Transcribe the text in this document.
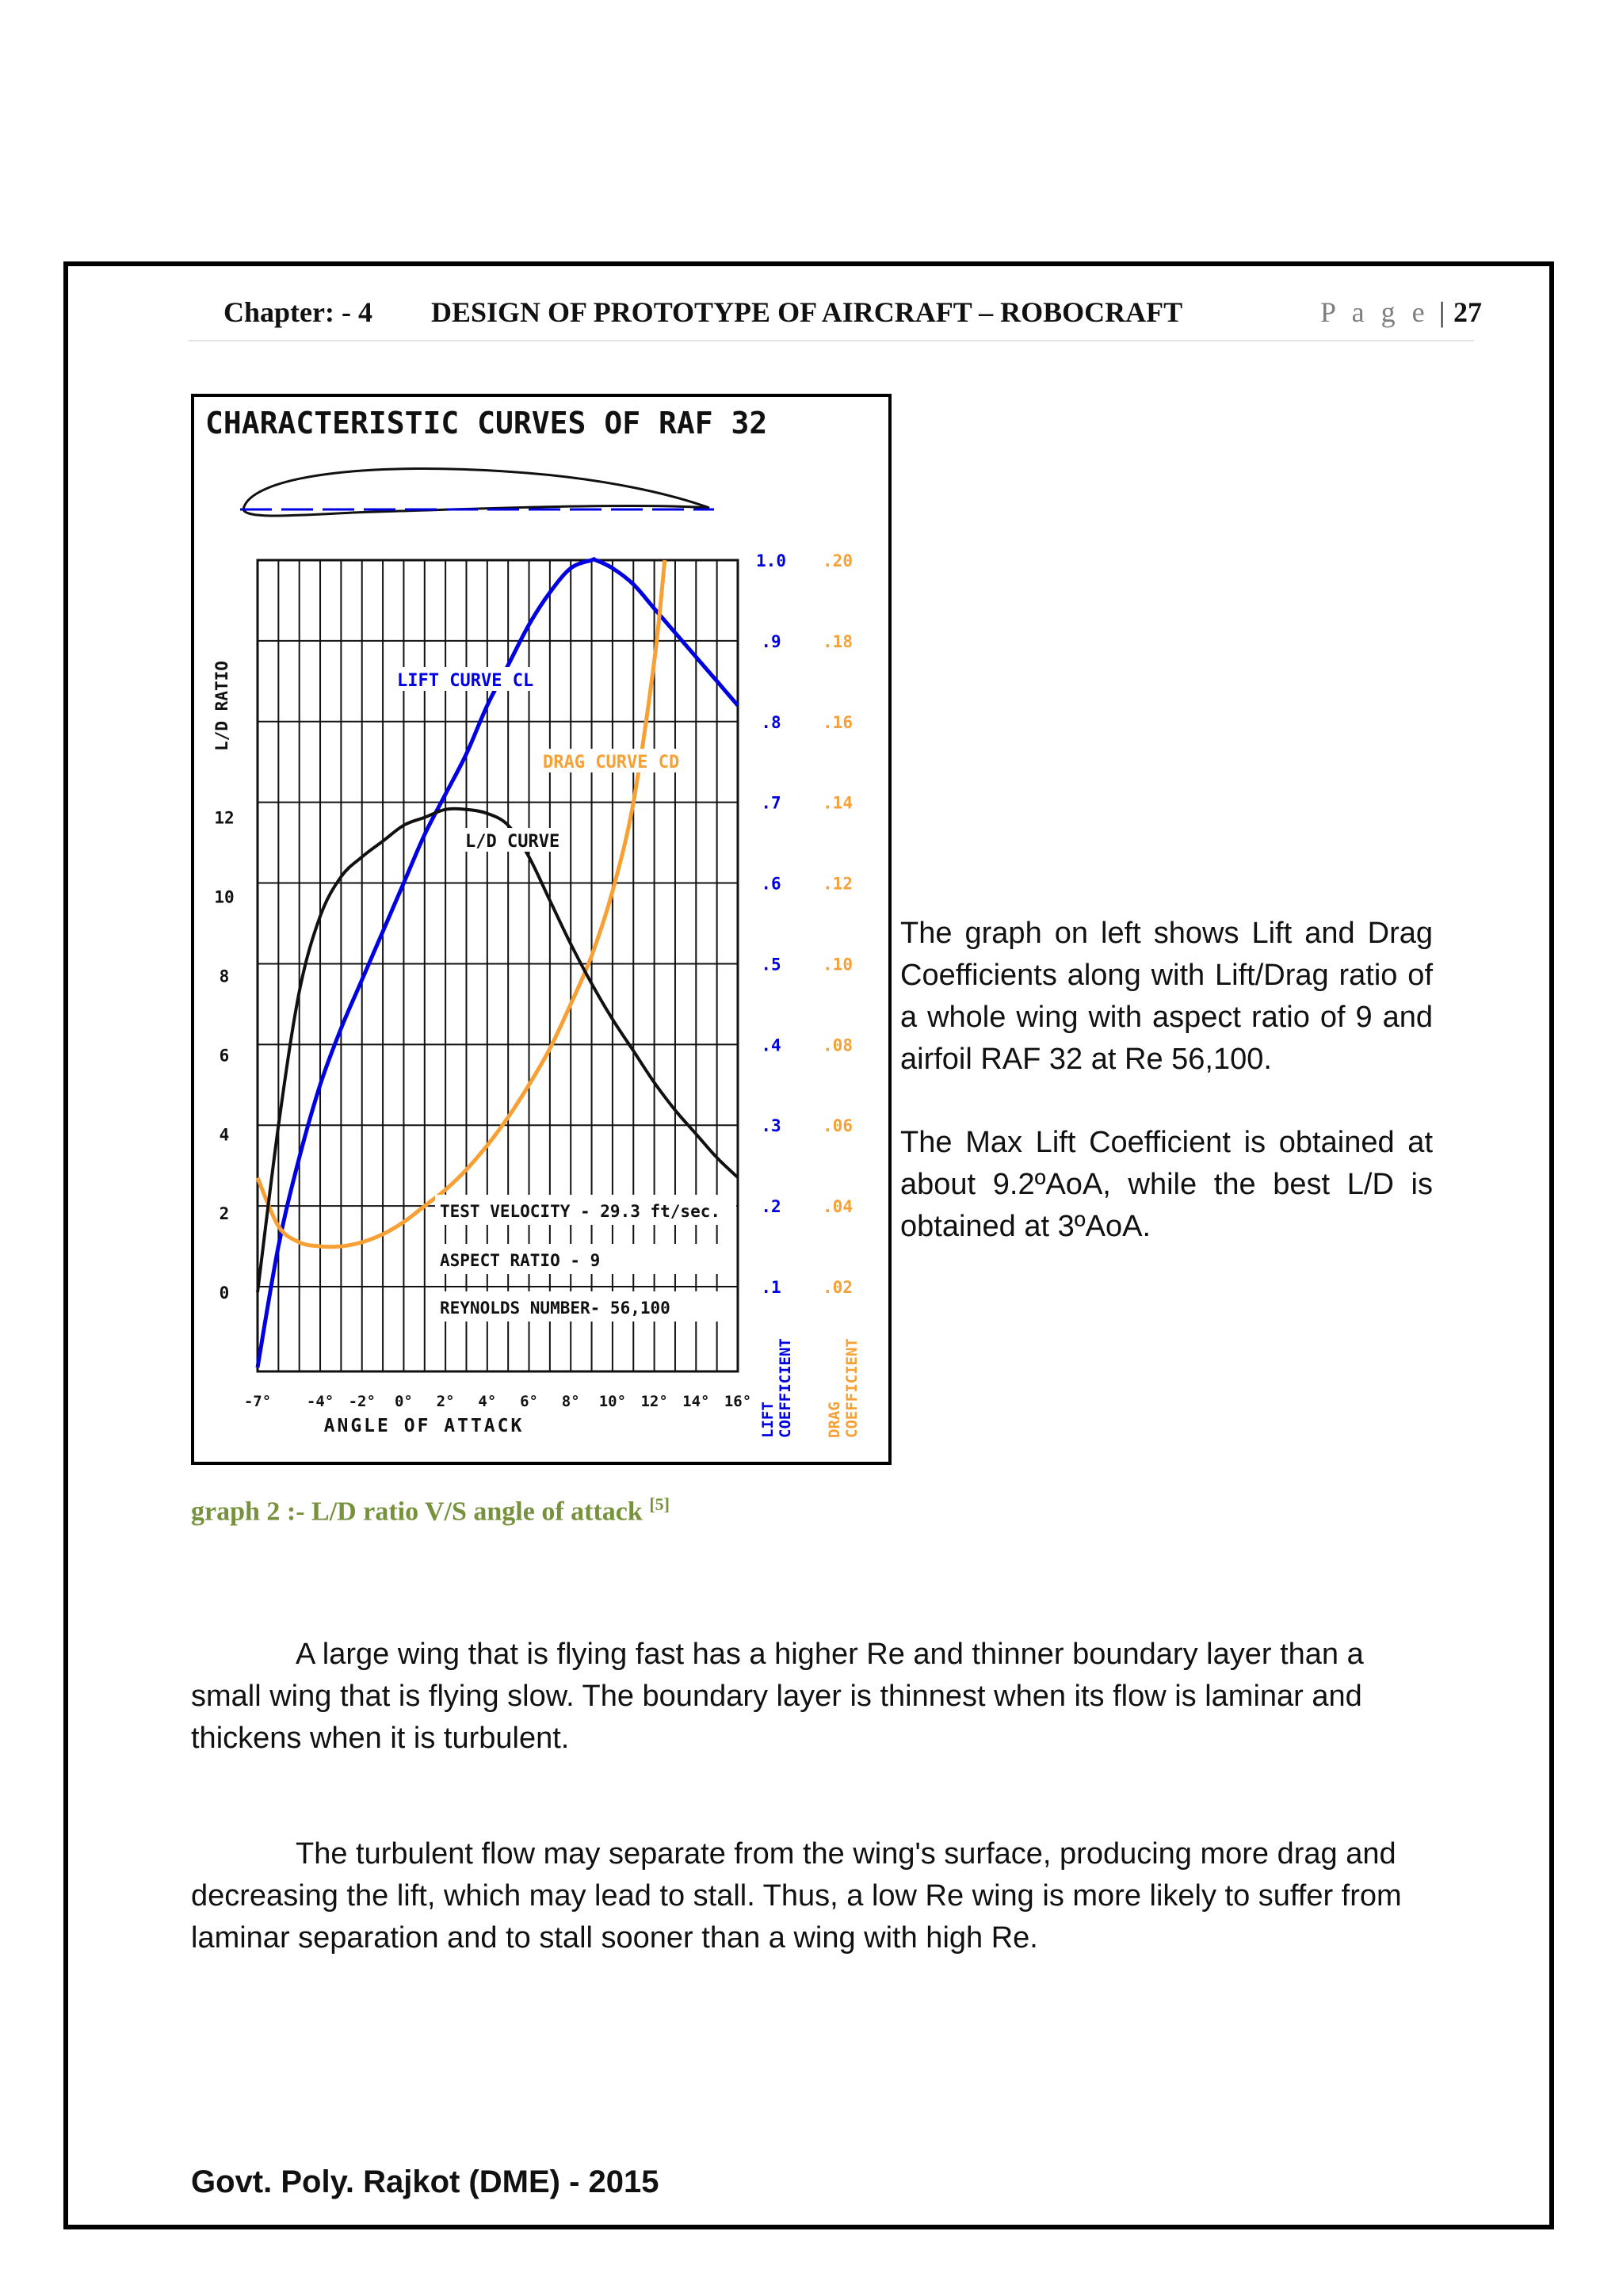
Chapter: - 4 DESIGN OF PROTOTYPE OF AIRCRAFT – ROBOCRAFT	P a g e | 27
CHARACTERISTIC CURVES OF RAF 32
-7° -4° -2° 0° 2° 4° 6° 8° 10° 12° 14° 16°
ANGLE OF ATTACK
0
2
4
6
8
10
12
L/D RATIO
1.0
.9
.8
.7
.6
.5
.4
.3
.2
.1
.20
.18
.16
.14
.12
.10
.08
.06
.04
.02
LIFT COEFFICIENT DRAG COEFFICIENT
LIFT CURVE CL
DRAG CURVE CD
L/D CURVE
TEST VELOCITY - 29.3 ft/sec.
ASPECT RATIO - 9
REYNOLDS NUMBER- 56,100

The graph on left shows Lift and Drag Coefficients along with Lift/Drag ratio of a whole wing with aspect ratio of 9 and airfoil RAF 32 at Re 56,100.

The Max Lift Coefficient is obtained at about 9.2ºAoA, while the best L/D is obtained at 3ºAoA.

graph 2 :- L/D ratio V/S angle of attack [5]
A large wing that is flying fast has a higher Re and thinner boundary layer than a small wing that is flying slow. The boundary layer is thinnest when its flow is laminar and thickens when it is turbulent.
The turbulent flow may separate from the wing's surface, producing more drag and decreasing the lift, which may lead to stall. Thus, a low Re wing is more likely to suffer from laminar separation and to stall sooner than a wing with high Re.
Govt. Poly. Rajkot (DME) - 2015
